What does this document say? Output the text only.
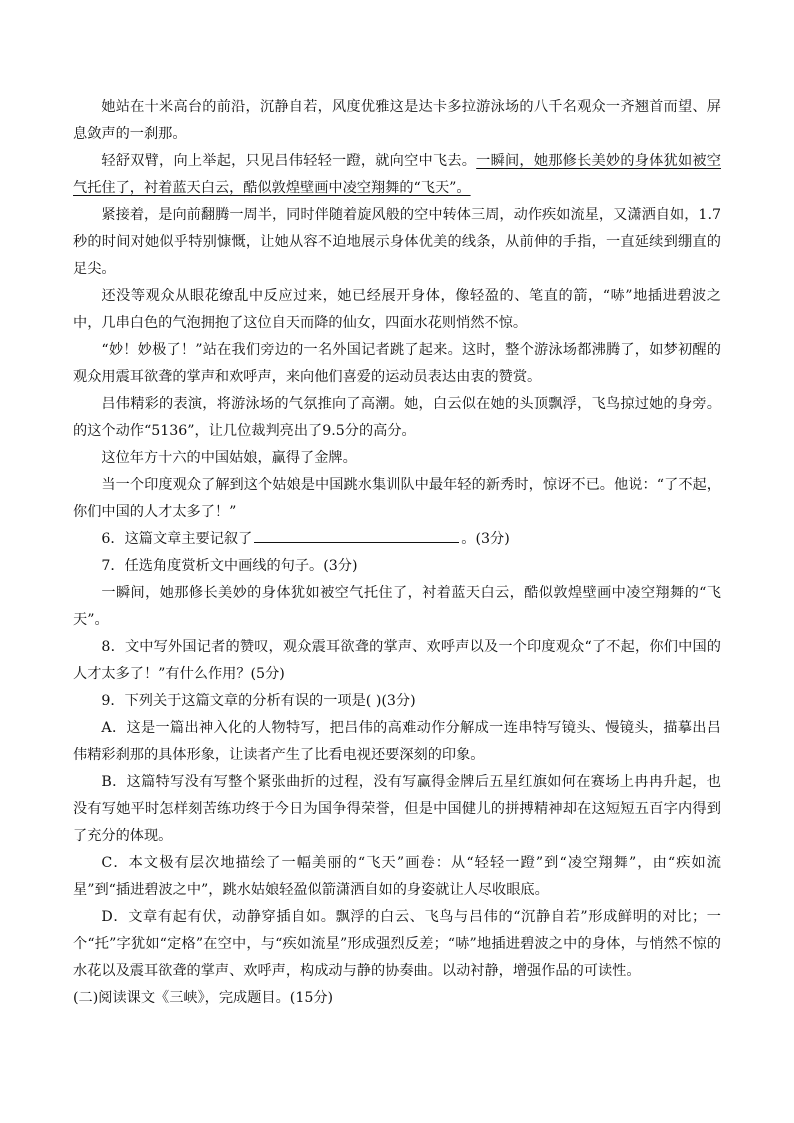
她站在十米高台的前沿，沉静自若，风度优雅这是达卡多拉游泳场的八千名观众一齐翘首而望、屏息敛声的一刹那。

轻舒双臂，向上举起，只见吕伟轻轻一蹬，就向空中飞去。一瞬间，她那修长美妙的身体犹如被空气托住了，衬着蓝天白云，酷似敦煌壁画中凌空翔舞的“飞天”。

紧接着，是向前翻腾一周半，同时伴随着旋风般的空中转体三周，动作疾如流星，又潇洒自如，1.7秒的时间对她似乎特别慷慨，让她从容不迫地展示身体优美的线条，从前伸的手指，一直延续到绷直的足尖。

还没等观众从眼花缭乱中反应过来，她已经展开身体，像轻盈的、笔直的箭，“哧”地插进碧波之中，几串白色的气泡拥抱了这位自天而降的仙女，四面水花则悄然不惊。

“妙！妙极了！”站在我们旁边的一名外国记者跳了起来。这时，整个游泳场都沸腾了，如梦初醒的观众用震耳欲聋的掌声和欢呼声，来向他们喜爱的运动员表达由衷的赞赏。

吕伟精彩的表演，将游泳场的气氛推向了高潮。她，白云似在她的头顶飘浮，飞鸟掠过她的身旁。的这个动作“5136”，让几位裁判亮出了9.5分的高分。

这位年方十六的中国姑娘，赢得了金牌。

当一个印度观众了解到这个姑娘是中国跳水集训队中最年轻的新秀时，惊讶不已。他说：“了不起，你们中国的人才太多了！”

6．这篇文章主要记叙了	。(3分)

7．任选角度赏析文中画线的句子。(3分)

一瞬间，她那修长美妙的身体犹如被空气托住了，衬着蓝天白云，酷似敦煌壁画中凌空翔舞的“飞天”。

8．文中写外国记者的赞叹，观众震耳欲聋的掌声、欢呼声以及一个印度观众“了不起，你们中国的人才太多了！”有什么作用？(5分)

9．下列关于这篇文章的分析有误的一项是( )(3分)

A．这是一篇出神入化的人物特写，把吕伟的高难动作分解成一连串特写镜头、慢镜头，描摹出吕伟精彩刹那的具体形象，让读者产生了比看电视还要深刻的印象。

B．这篇特写没有写整个紧张曲折的过程，没有写赢得金牌后五星红旗如何在赛场上冉冉升起，也没有写她平时怎样刻苦练功终于今日为国争得荣誉，但是中国健儿的拼搏精神却在这短短五百字内得到了充分的体现。

C．本文极有层次地描绘了一幅美丽的“飞天”画卷：从“轻轻一蹬”到“凌空翔舞”，由“疾如流星”到“插进碧波之中”，跳水姑娘轻盈似箭潇洒自如的身姿就让人尽收眼底。

D．文章有起有伏，动静穿插自如。飘浮的白云、飞鸟与吕伟的“沉静自若”形成鲜明的对比；一个“托”字犹如“定格”在空中，与“疾如流星”形成强烈反差；“哧”地插进碧波之中的身体，与悄然不惊的水花以及震耳欲聋的掌声、欢呼声，构成动与静的协奏曲。以动衬静，增强作品的可读性。

(二)阅读课文《三峡》，完成题目。(15分)
